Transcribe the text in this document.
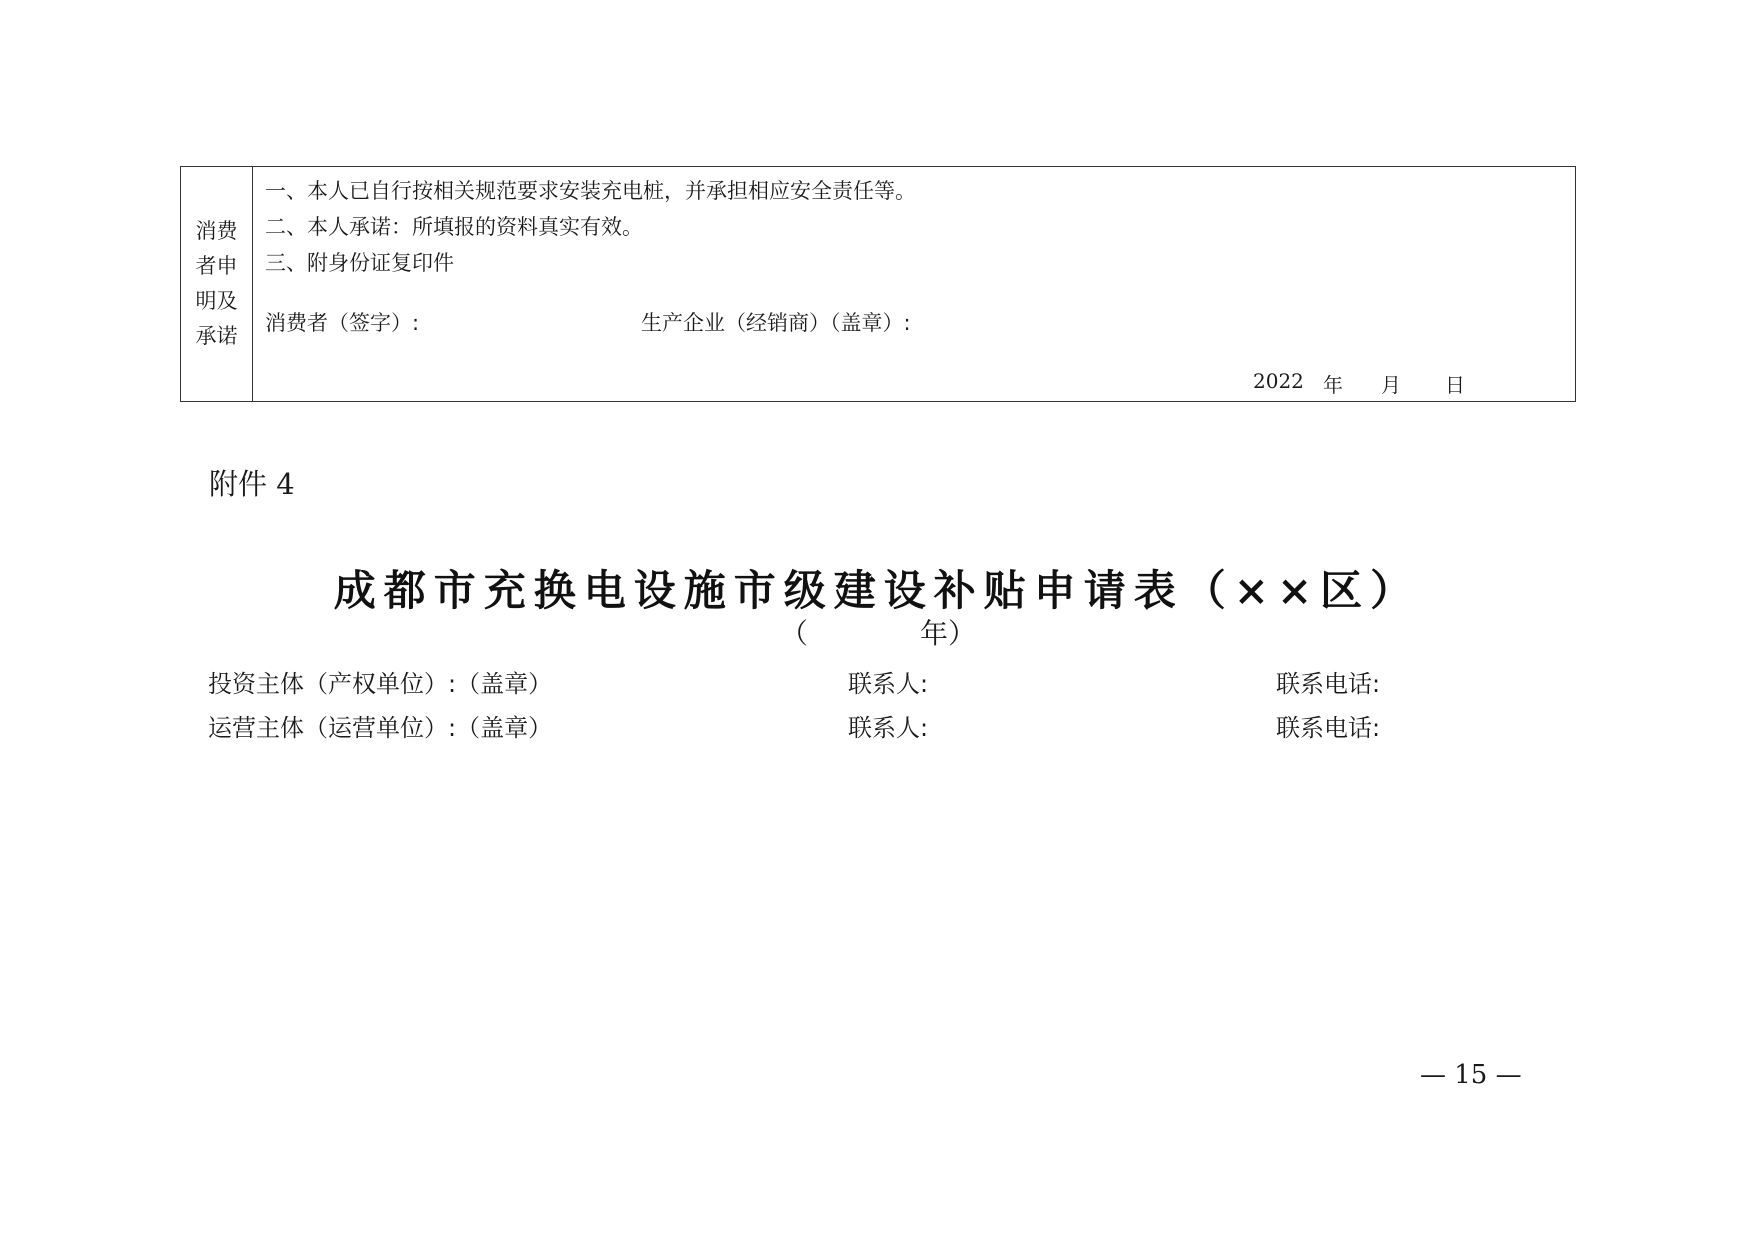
消费者申明及承诺
一、本人已自行按相关规范要求安装充电桩，并承担相应安全责任等。
二、本人承诺：所填报的资料真实有效。
三、附身份证复印件
消费者（签字）:	生产企业（经销商）（盖章）:
2022 年 月 日
附件 4
成都市充换电设施市级建设补贴申请表（××区）
（	年）
投资主体（产权单位）:（盖章）	联系人:	联系电话:
运营主体（运营单位）:（盖章）	联系人:	联系电话:
— 15 —
